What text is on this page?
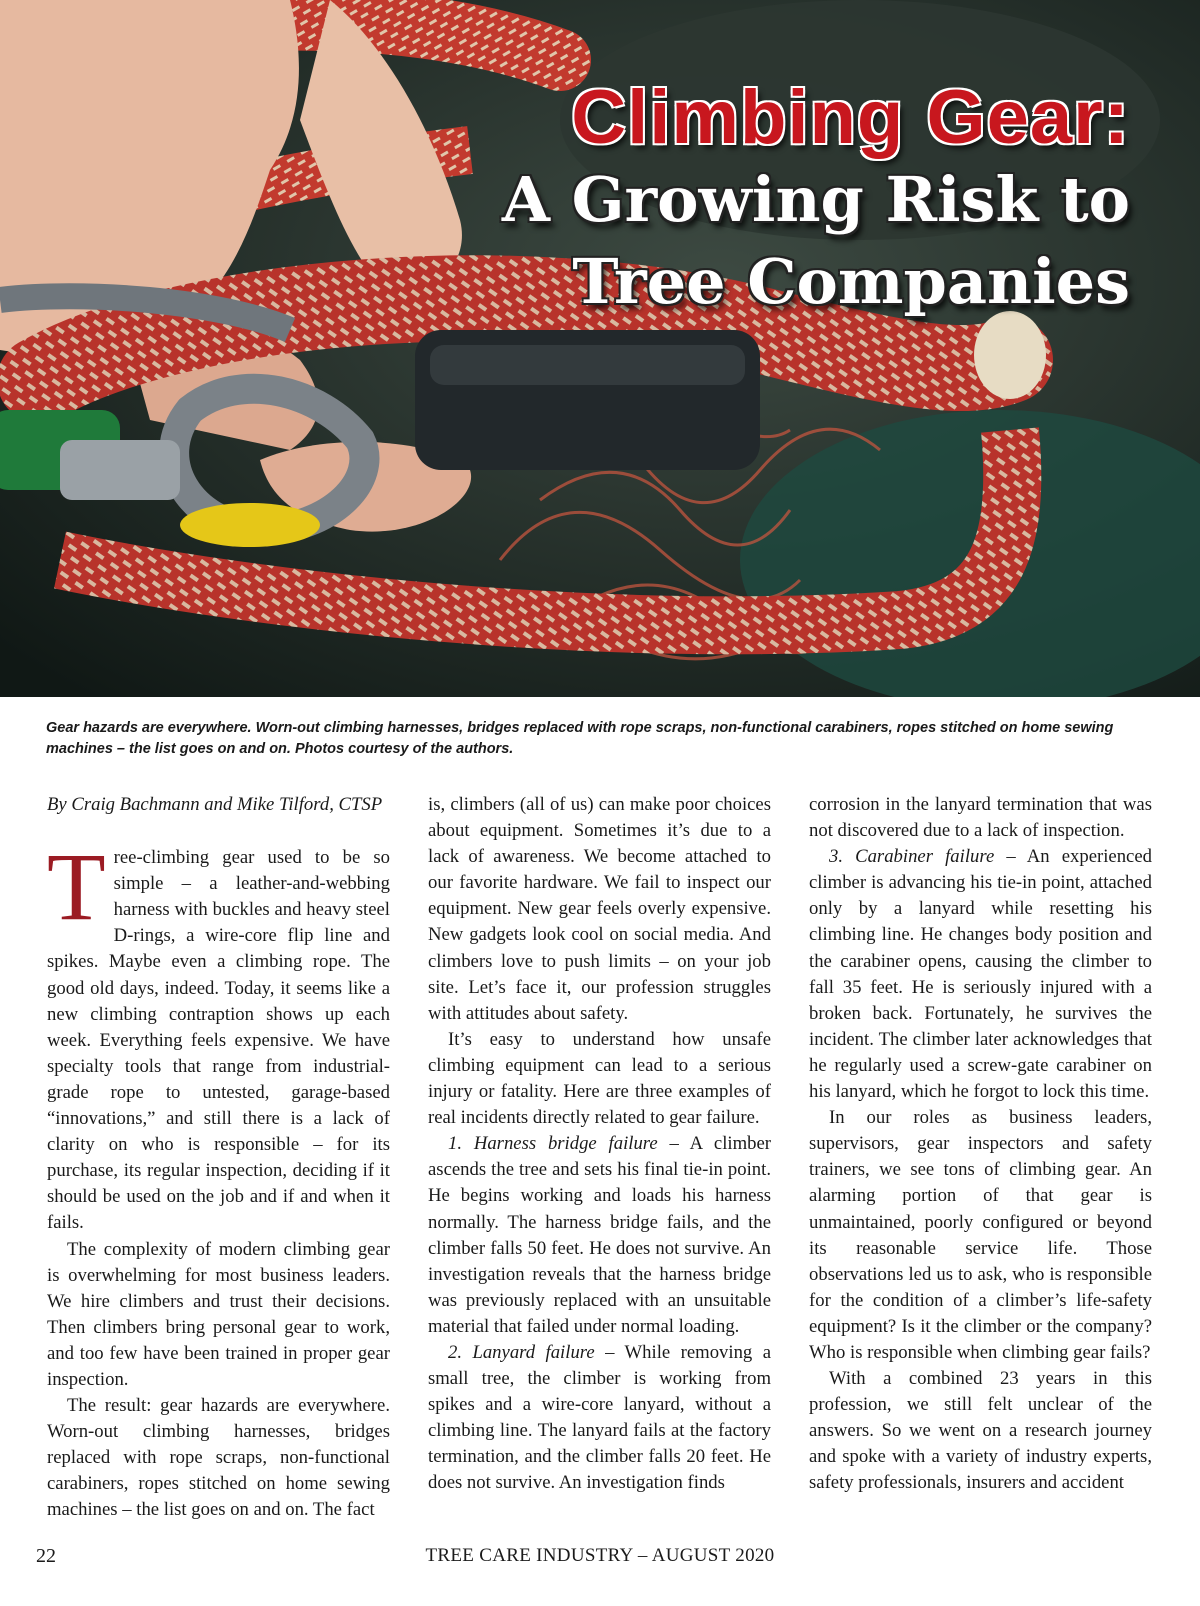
Climbing Gear:
A Growing Risk to
Tree Companies
Gear hazards are everywhere. Worn-out climbing harnesses, bridges replaced with rope scraps, non-functional carabiners, ropes stitched on home sewing machines – the list goes on and on. Photos courtesy of the authors.

By Craig Bachmann and Mike Tilford, CTSP

Tree-climbing gear used to be so simple – a leather-and-webbing harness with buckles and heavy steel D-rings, a wire-core flip line and spikes. Maybe even a climbing rope. The good old days, indeed. Today, it seems like a new climbing contraption shows up each week. Everything feels expensive. We have specialty tools that range from industrial-grade rope to untested, garage-based “innovations,” and still there is a lack of clarity on who is responsible – for its purchase, its regular inspection, deciding if it should be used on the job and if and when it fails.

The complexity of modern climbing gear is overwhelming for most business leaders. We hire climbers and trust their decisions. Then climbers bring personal gear to work, and too few have been trained in proper gear inspection.

The result: gear hazards are everywhere. Worn-out climbing harnesses, bridges replaced with rope scraps, non-functional carabiners, ropes stitched on home sewing machines – the list goes on and on. The fact

is, climbers (all of us) can make poor choices about equipment. Sometimes it’s due to a lack of awareness. We become attached to our favorite hardware. We fail to inspect our equipment. New gear feels overly expensive. New gadgets look cool on social media. And climbers love to push limits – on your job site. Let’s face it, our profession struggles with attitudes about safety.

It’s easy to understand how unsafe climbing equipment can lead to a serious injury or fatality. Here are three examples of real incidents directly related to gear failure.

1. Harness bridge failure – A climber ascends the tree and sets his final tie-in point. He begins working and loads his harness normally. The harness bridge fails, and the climber falls 50 feet. He does not survive. An investigation reveals that the harness bridge was previously replaced with an unsuitable material that failed under normal loading.

2. Lanyard failure – While removing a small tree, the climber is working from spikes and a wire-core lanyard, without a climbing line. The lanyard fails at the factory termination, and the climber falls 20 feet. He does not survive. An investigation finds

corrosion in the lanyard termination that was not discovered due to a lack of inspection.

3. Carabiner failure – An experienced climber is advancing his tie-in point, attached only by a lanyard while resetting his climbing line. He changes body position and the carabiner opens, causing the climber to fall 35 feet. He is seriously injured with a broken back. Fortunately, he survives the incident. The climber later acknowledges that he regularly used a screw-gate carabiner on his lanyard, which he forgot to lock this time.

In our roles as business leaders, supervisors, gear inspectors and safety trainers, we see tons of climbing gear. An alarming portion of that gear is unmaintained, poorly configured or beyond its reasonable service life. Those observations led us to ask, who is responsible for the condition of a climber’s life-safety equipment? Is it the climber or the company? Who is responsible when climbing gear fails?

With a combined 23 years in this profession, we still felt unclear of the answers. So we went on a research journey and spoke with a variety of industry experts, safety professionals, insurers and accident

22	TREE CARE INDUSTRY – AUGUST 2020
